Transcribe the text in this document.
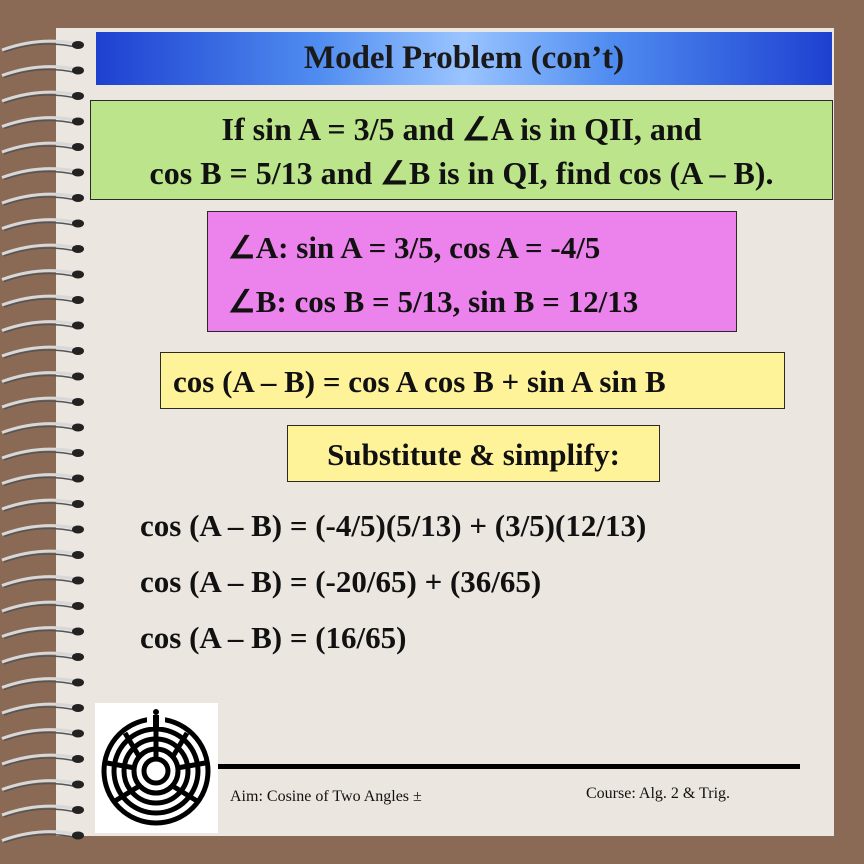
Model Problem (con’t)
If sin A = 3/5 and ∠A is in QII, and
cos B = 5/13 and ∠B is in QI, find cos (A – B).
∠A: sin A = 3/5, cos A = -4/5
∠B: cos B = 5/13, sin B = 12/13
cos (A – B) = cos A cos B + sin A sin B
Substitute & simplify:
cos (A – B) = (-4/5)(5/13) + (3/5)(12/13)
cos (A – B) = (-20/65) + (36/65)
cos (A – B) = (16/65)
Aim: Cosine of Two Angles ±	Course: Alg. 2 & Trig.
